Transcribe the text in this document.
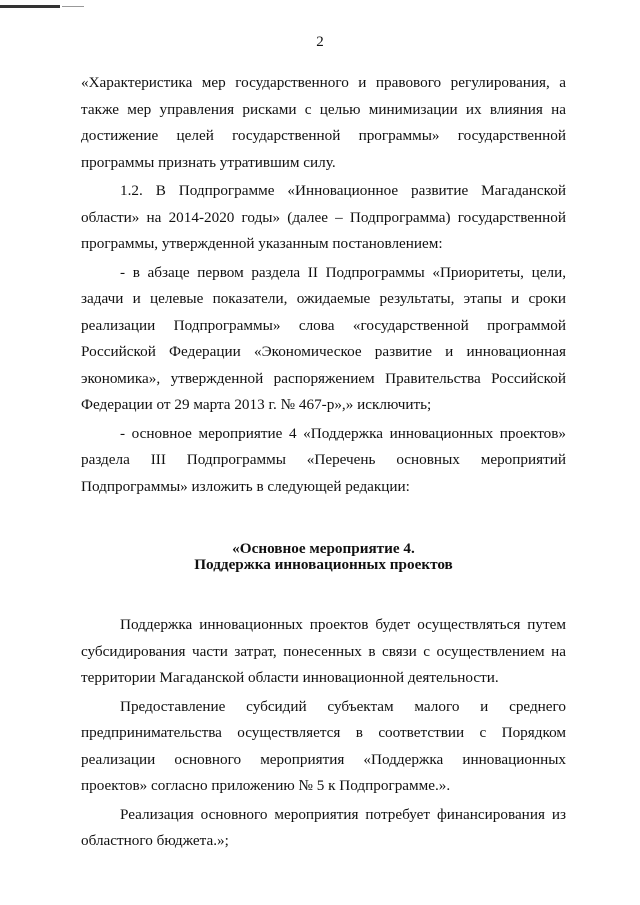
2

«Характеристика мер государственного и правового регулирования, а также мер управления рисками с целью минимизации их влияния на достижение целей государственной программы» государственной программы признать утратившим силу.

1.2. В Подпрограмме «Инновационное развитие Магаданской области» на 2014-2020 годы» (далее – Подпрограмма) государственной программы, утвержденной указанным постановлением:

- в абзаце первом раздела II Подпрограммы «Приоритеты, цели, задачи и целевые показатели, ожидаемые результаты, этапы и сроки реализации Подпрограммы» слова «государственной программой Российской Федерации «Экономическое развитие и инновационная экономика», утвержденной распоряжением Правительства Российской Федерации от 29 марта 2013 г. № 467-р»,» исключить;

- основное мероприятие 4 «Поддержка инновационных проектов» раздела III Подпрограммы «Перечень основных мероприятий Подпрограммы» изложить в следующей редакции:

«Основное мероприятие 4.
Поддержка инновационных проектов

Поддержка инновационных проектов будет осуществляться путем субсидирования части затрат, понесенных в связи с осуществлением на территории Магаданской области инновационной деятельности.

Предоставление субсидий субъектам малого и среднего предпринимательства осуществляется в соответствии с Порядком реализации основного мероприятия «Поддержка инновационных проектов» согласно приложению № 5 к Подпрограмме.».

Реализация основного мероприятия потребует финансирования из областного бюджета.»;
